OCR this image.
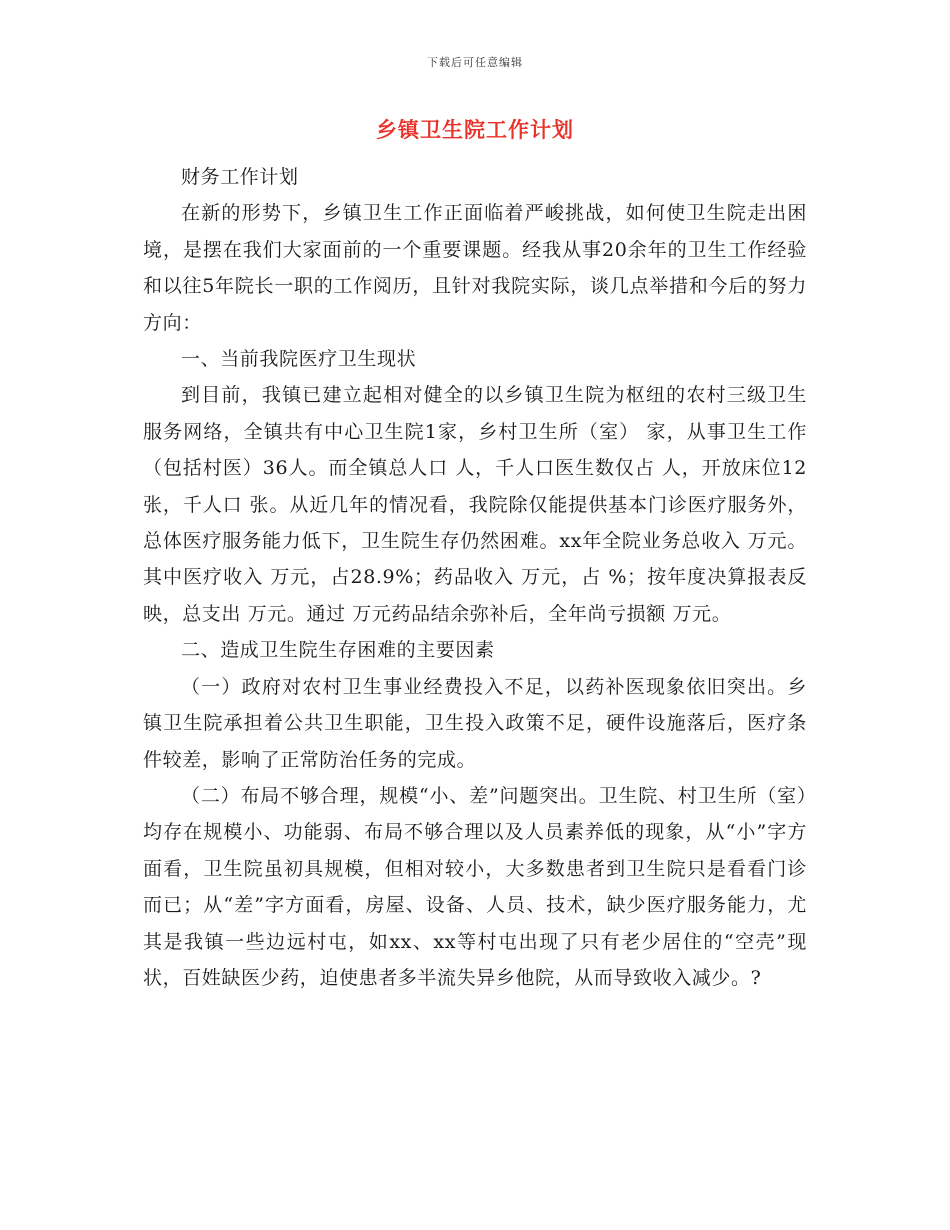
下载后可任意编辑
乡镇卫生院工作计划

财务工作计划

在新的形势下，乡镇卫生工作正面临着严峻挑战，如何使卫生院走出困境，是摆在我们大家面前的一个重要课题。经我从事20余年的卫生工作经验和以往5年院长一职的工作阅历，且针对我院实际，谈几点举措和今后的努力方向：

一、当前我院医疗卫生现状

到目前，我镇已建立起相对健全的以乡镇卫生院为枢纽的农村三级卫生服务网络，全镇共有中心卫生院1家，乡村卫生所（室） 家，从事卫生工作（包括村医）36人。而全镇总人口 人，千人口医生数仅占 人，开放床位12张，千人口 张。从近几年的情况看，我院除仅能提供基本门诊医疗服务外，总体医疗服务能力低下，卫生院生存仍然困难。xx年全院业务总收入 万元。其中医疗收入 万元，占28.9%；药品收入 万元，占 %；按年度决算报表反映，总支出 万元。通过 万元药品结余弥补后，全年尚亏损额 万元。

二、造成卫生院生存困难的主要因素

（一）政府对农村卫生事业经费投入不足，以药补医现象依旧突出。乡镇卫生院承担着公共卫生职能，卫生投入政策不足，硬件设施落后，医疗条件较差，影响了正常防治任务的完成。

（二）布局不够合理，规模“小、差”问题突出。卫生院、村卫生所（室）均存在规模小、功能弱、布局不够合理以及人员素养低的现象，从“小”字方面看，卫生院虽初具规模，但相对较小，大多数患者到卫生院只是看看门诊而已；从“差”字方面看，房屋、设备、人员、技术，缺少医疗服务能力，尤其是我镇一些边远村屯，如xx、xx等村屯出现了只有老少居住的“空壳”现状，百姓缺医少药，迫使患者多半流失异乡他院，从而导致收入减少。?
